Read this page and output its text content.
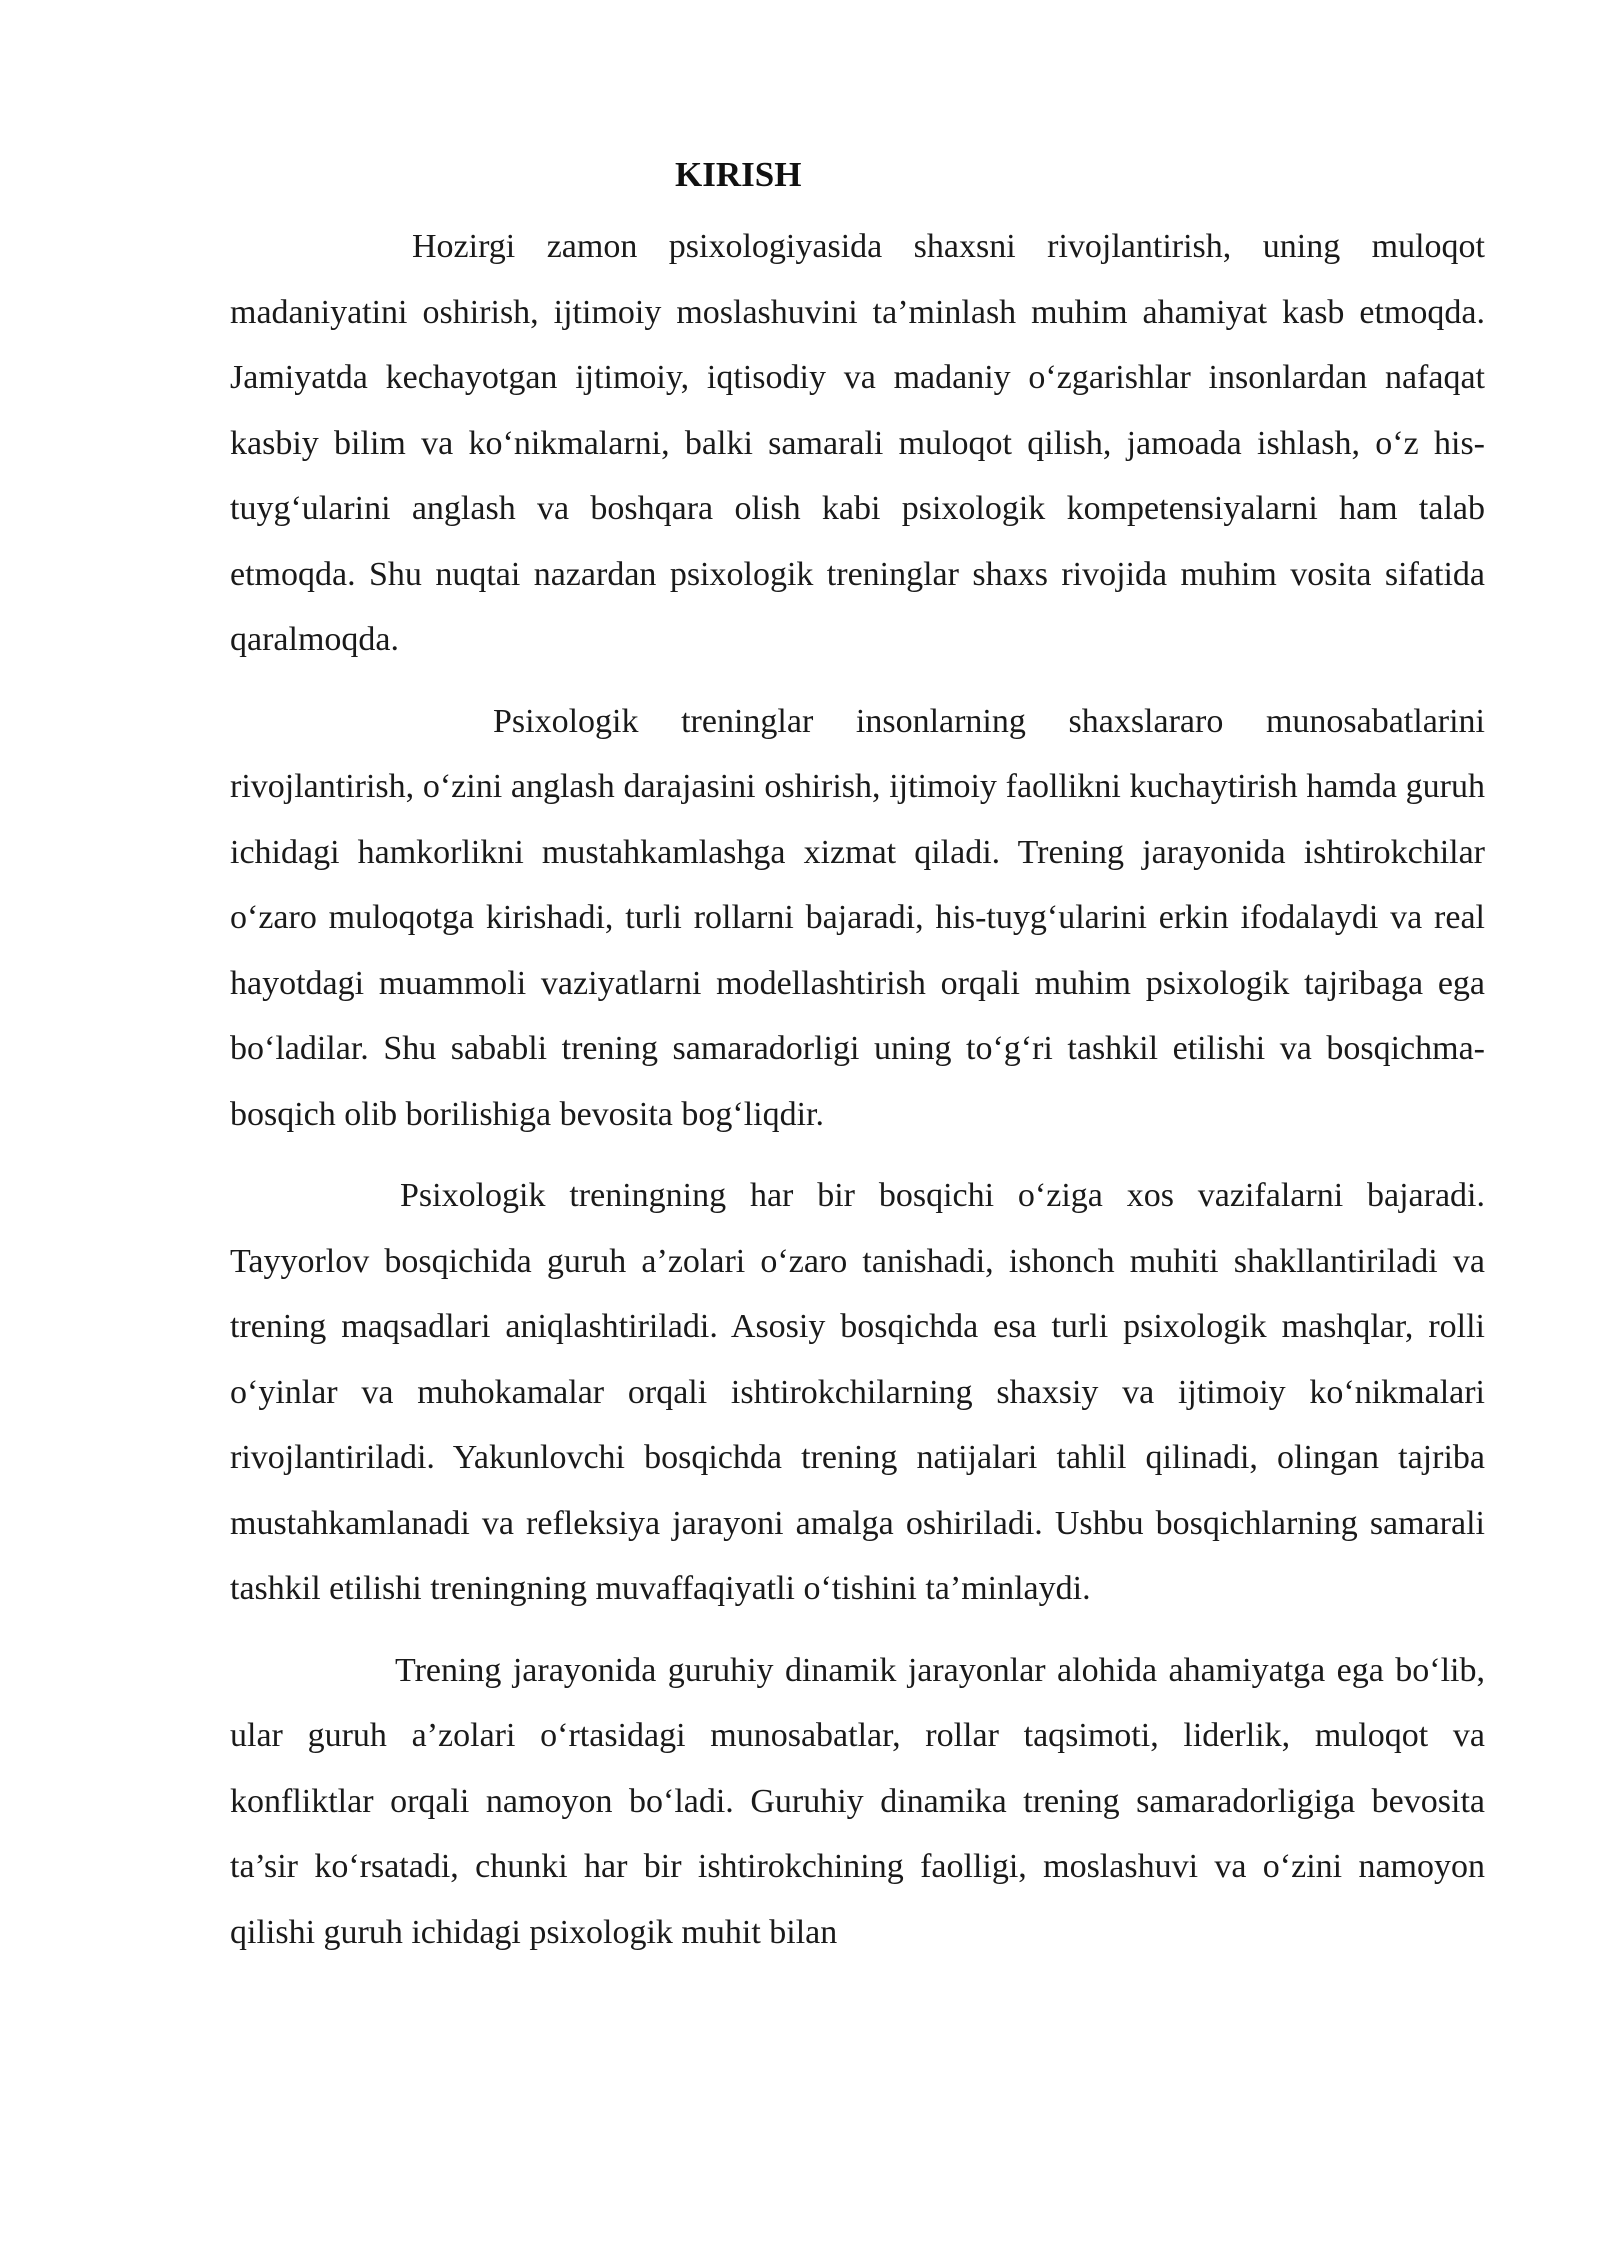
KIRISH

Hozirgi zamon psixologiyasida shaxsni rivojlantirish, uning muloqot madaniyatini oshirish, ijtimoiy moslashuvini ta’minlash muhim ahamiyat kasb etmoqda. Jamiyatda kechayotgan ijtimoiy, iqtisodiy va madaniy oʻzgarishlar insonlardan nafaqat kasbiy bilim va koʻnikmalarni, balki samarali muloqot qilish, jamoada ishlash, oʻz his-tuygʻularini anglash va boshqara olish kabi psixologik kompetensiyalarni ham talab etmoqda. Shu nuqtai nazardan psixologik treninglar shaxs rivojida muhim vosita sifatida qaralmoqda.

Psixologik treninglar insonlarning shaxslararo munosabatlarini rivojlantirish, oʻzini anglash darajasini oshirish, ijtimoiy faollikni kuchaytirish hamda guruh ichidagi hamkorlikni mustahkamlashga xizmat qiladi. Trening jarayonida ishtirokchilar oʻzaro muloqotga kirishadi, turli rollarni bajaradi, his-tuygʻularini erkin ifodalaydi va real hayotdagi muammoli vaziyatlarni modellashtirish orqali muhim psixologik tajribaga ega boʻladilar. Shu sababli trening samaradorligi uning toʻgʻri tashkil etilishi va bosqichma-bosqich olib borilishiga bevosita bogʻliqdir.

Psixologik treningning har bir bosqichi oʻziga xos vazifalarni bajaradi. Tayyorlov bosqichida guruh a’zolari oʻzaro tanishadi, ishonch muhiti shakllantiriladi va trening maqsadlari aniqlashtiriladi. Asosiy bosqichda esa turli psixologik mashqlar, rolli oʻyinlar va muhokamalar orqali ishtirokchilarning shaxsiy va ijtimoiy koʻnikmalari rivojlantiriladi. Yakunlovchi bosqichda trening natijalari tahlil qilinadi, olingan tajriba mustahkamlanadi va refleksiya jarayoni amalga oshiriladi. Ushbu bosqichlarning samarali tashkil etilishi treningning muvaffaqiyatli oʻtishini ta’minlaydi.

Trening jarayonida guruhiy dinamik jarayonlar alohida ahamiyatga ega boʻlib, ular guruh a’zolari oʻrtasidagi munosabatlar, rollar taqsimoti, liderlik, muloqot va konfliktlar orqali namoyon boʻladi. Guruhiy dinamika trening samaradorligiga bevosita ta’sir koʻrsatadi, chunki har bir ishtirokchining faolligi, moslashuvi va oʻzini namoyon qilishi guruh ichidagi psixologik muhit bilan
